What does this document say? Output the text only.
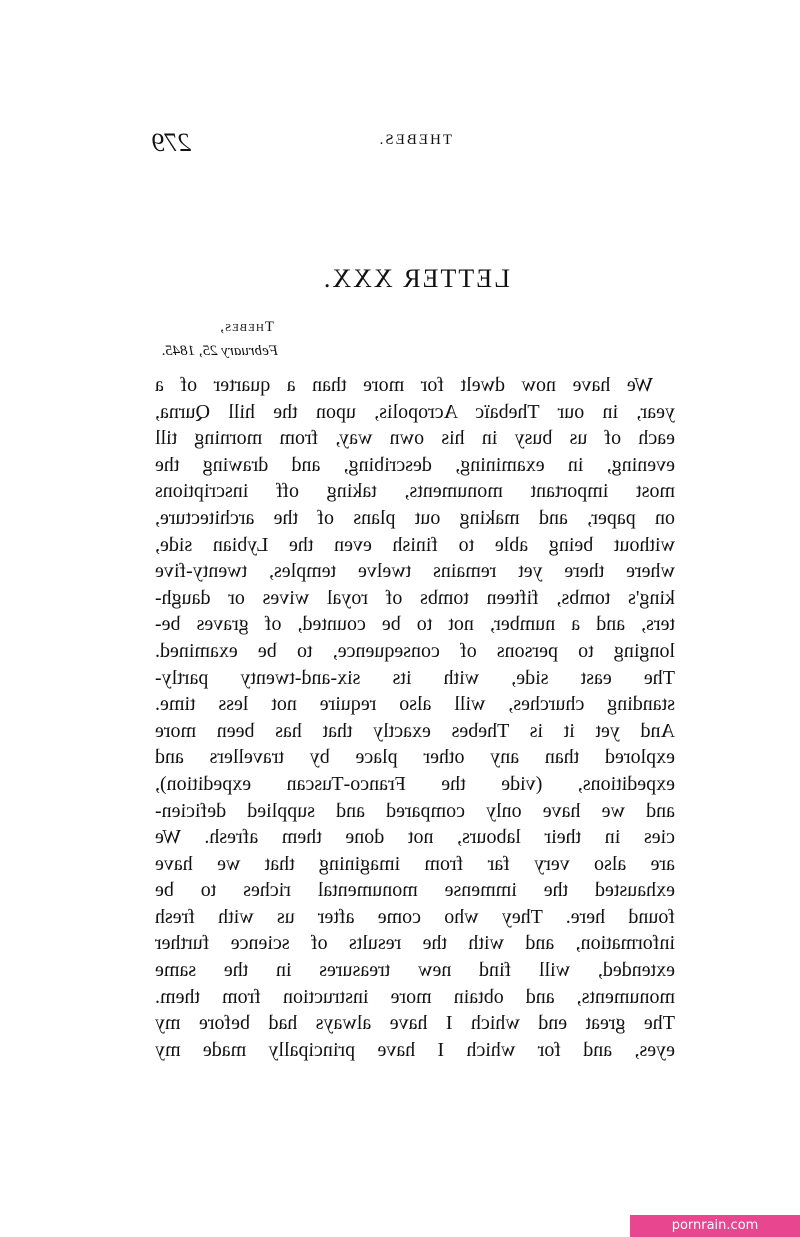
THEBES.
279
LETTER XXX.
Thebes,
February 25, 1845.
We have now dwelt for more than a quarter of a
year, in our Thebaïc Acropolis, upon the hill Qurna,
each of us busy in his own way, from morning till
evening, in examining, describing, and drawing the
most important monuments, taking off inscriptions
on paper, and making out plans of the architecture,
without being able to finish even the Lybian side,
where there yet remains twelve temples, twenty-five
king's tombs, fifteen tombs of royal wives or daugh-
ters, and a number, not to be counted, of graves be-
longing to persons of consequence, to be examined.
The east side, with its six-and-twenty partly-
standing churches, will also require not less time.
And yet it is Thebes exactly that has been more
explored than any other place by travellers and
expeditions, (vide the Franco-Tuscan expedition),
and we have only compared and supplied deficien-
cies in their labours, not done them afresh. We
are also very far from imagining that we have
exhausted the immense monumental riches to be
found here. They who come after us with fresh
information, and with the results of science further
extended, will find new treasures in the same
monuments, and obtain more instruction from them.
The great end which I have always had before my
eyes, and for which I have principally made my
pornrain.com
